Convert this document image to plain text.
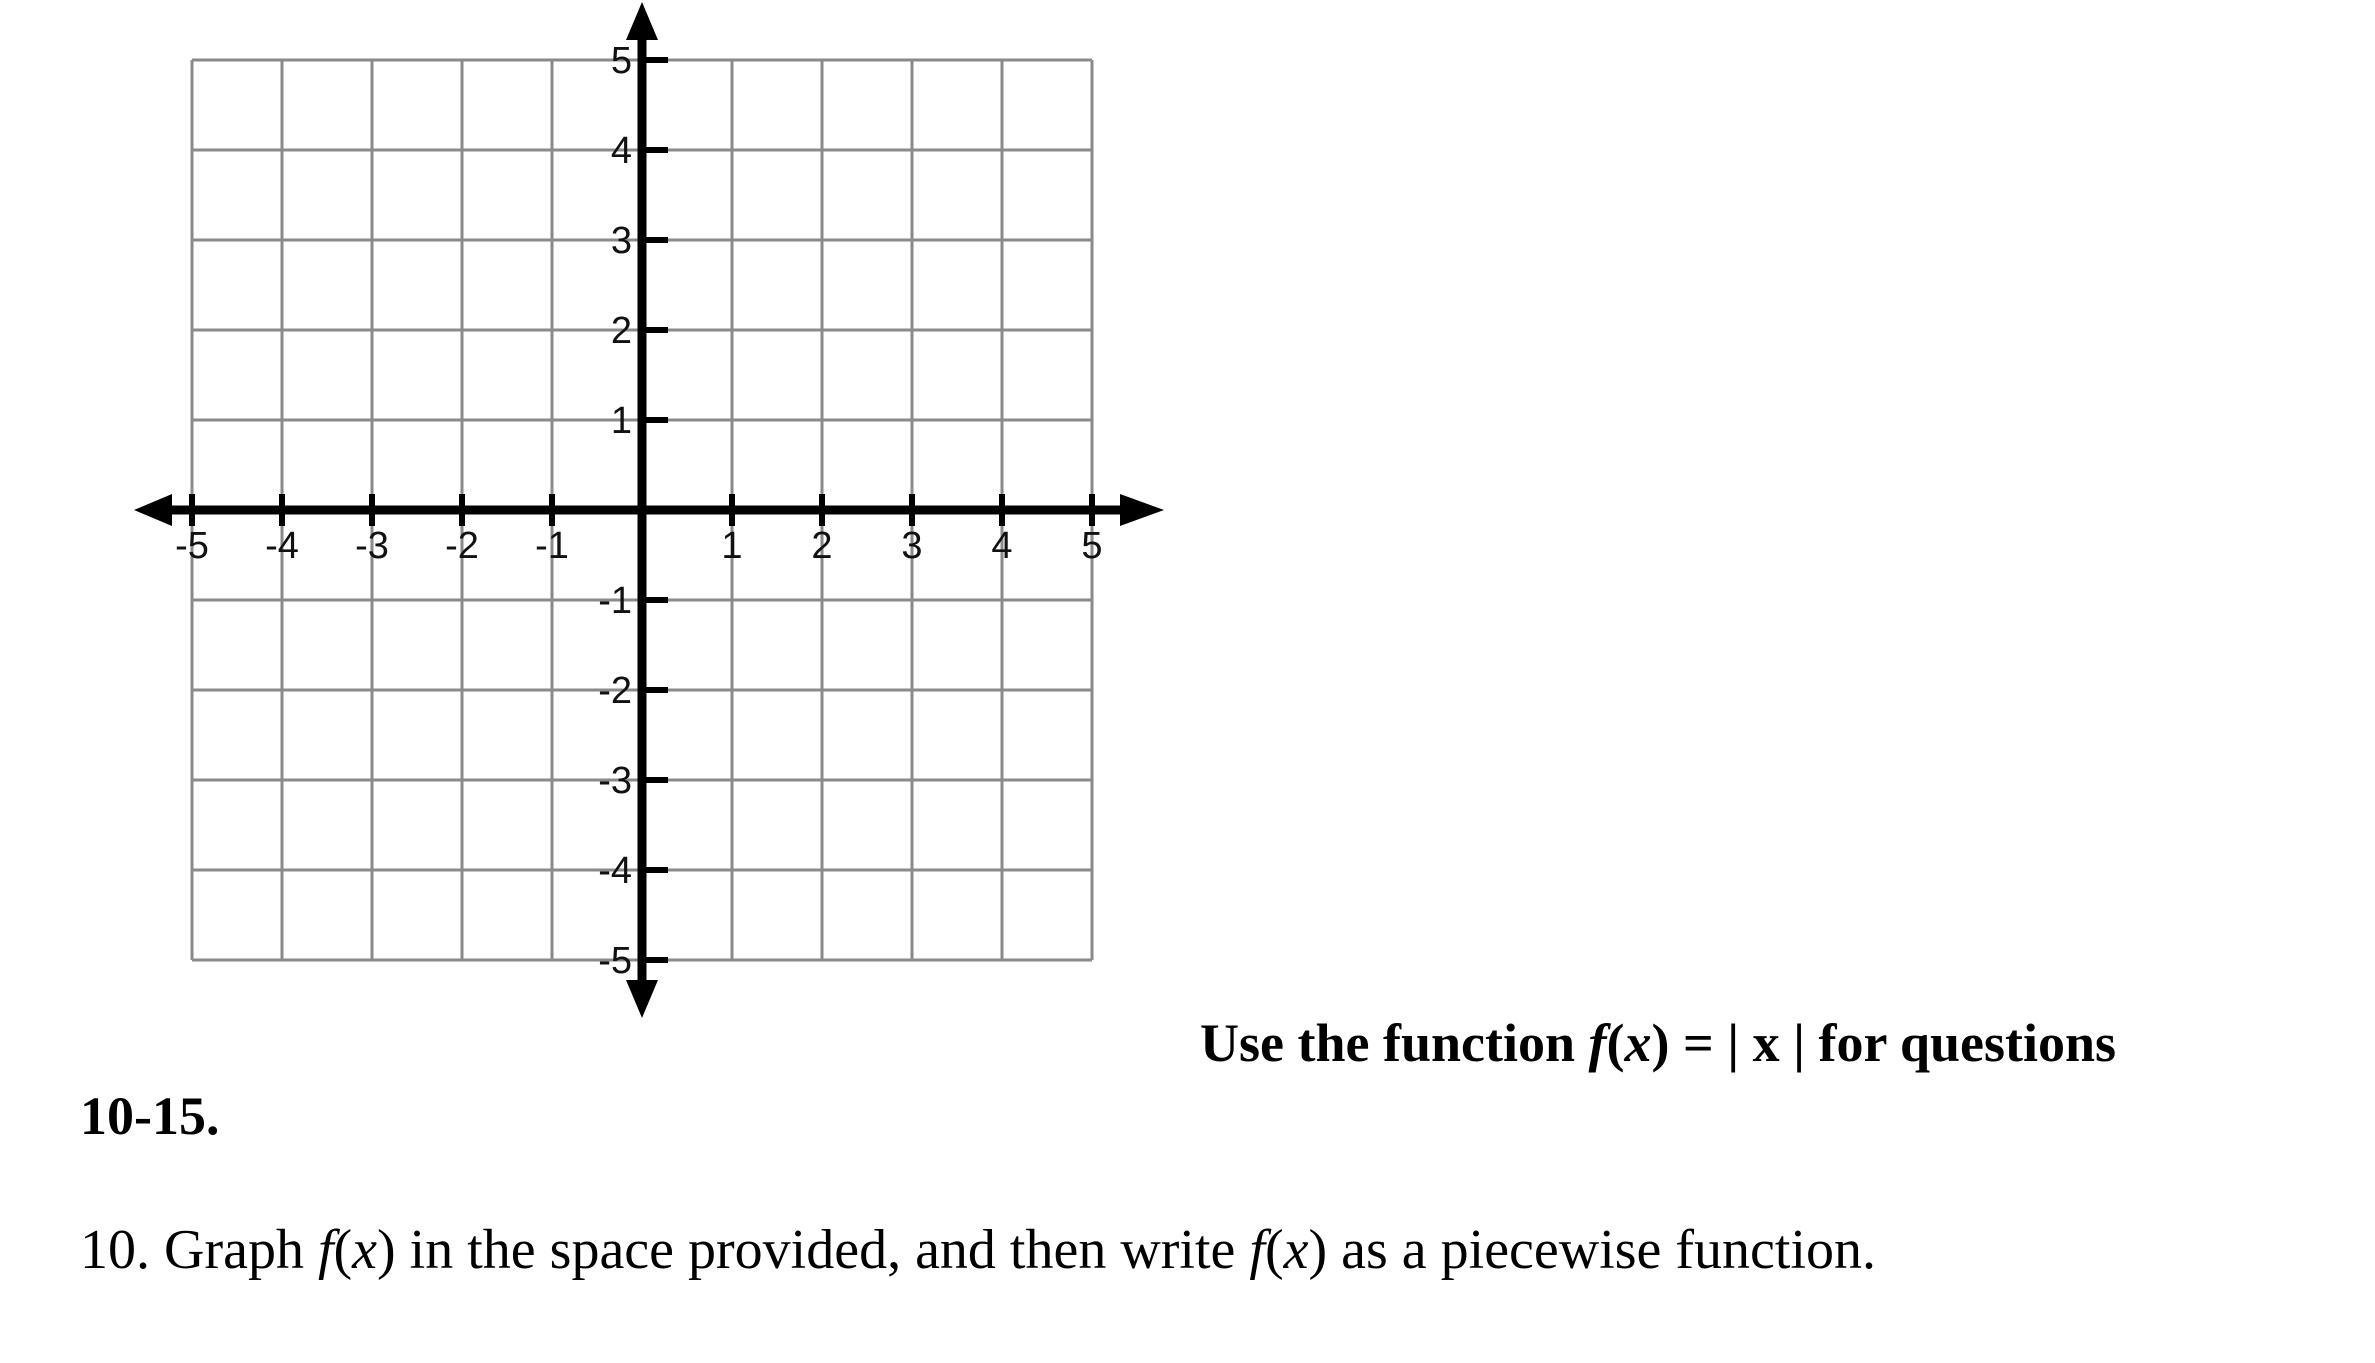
-5 -4 -3 -2 -1	1 2 3 4 5
5
4
3
2
1
-1
-2
-3
-4
-5
Use the function f(x) = | x | for questions
10-15.
10. Graph f(x) in the space provided, and then write f(x) as a piecewise function.
